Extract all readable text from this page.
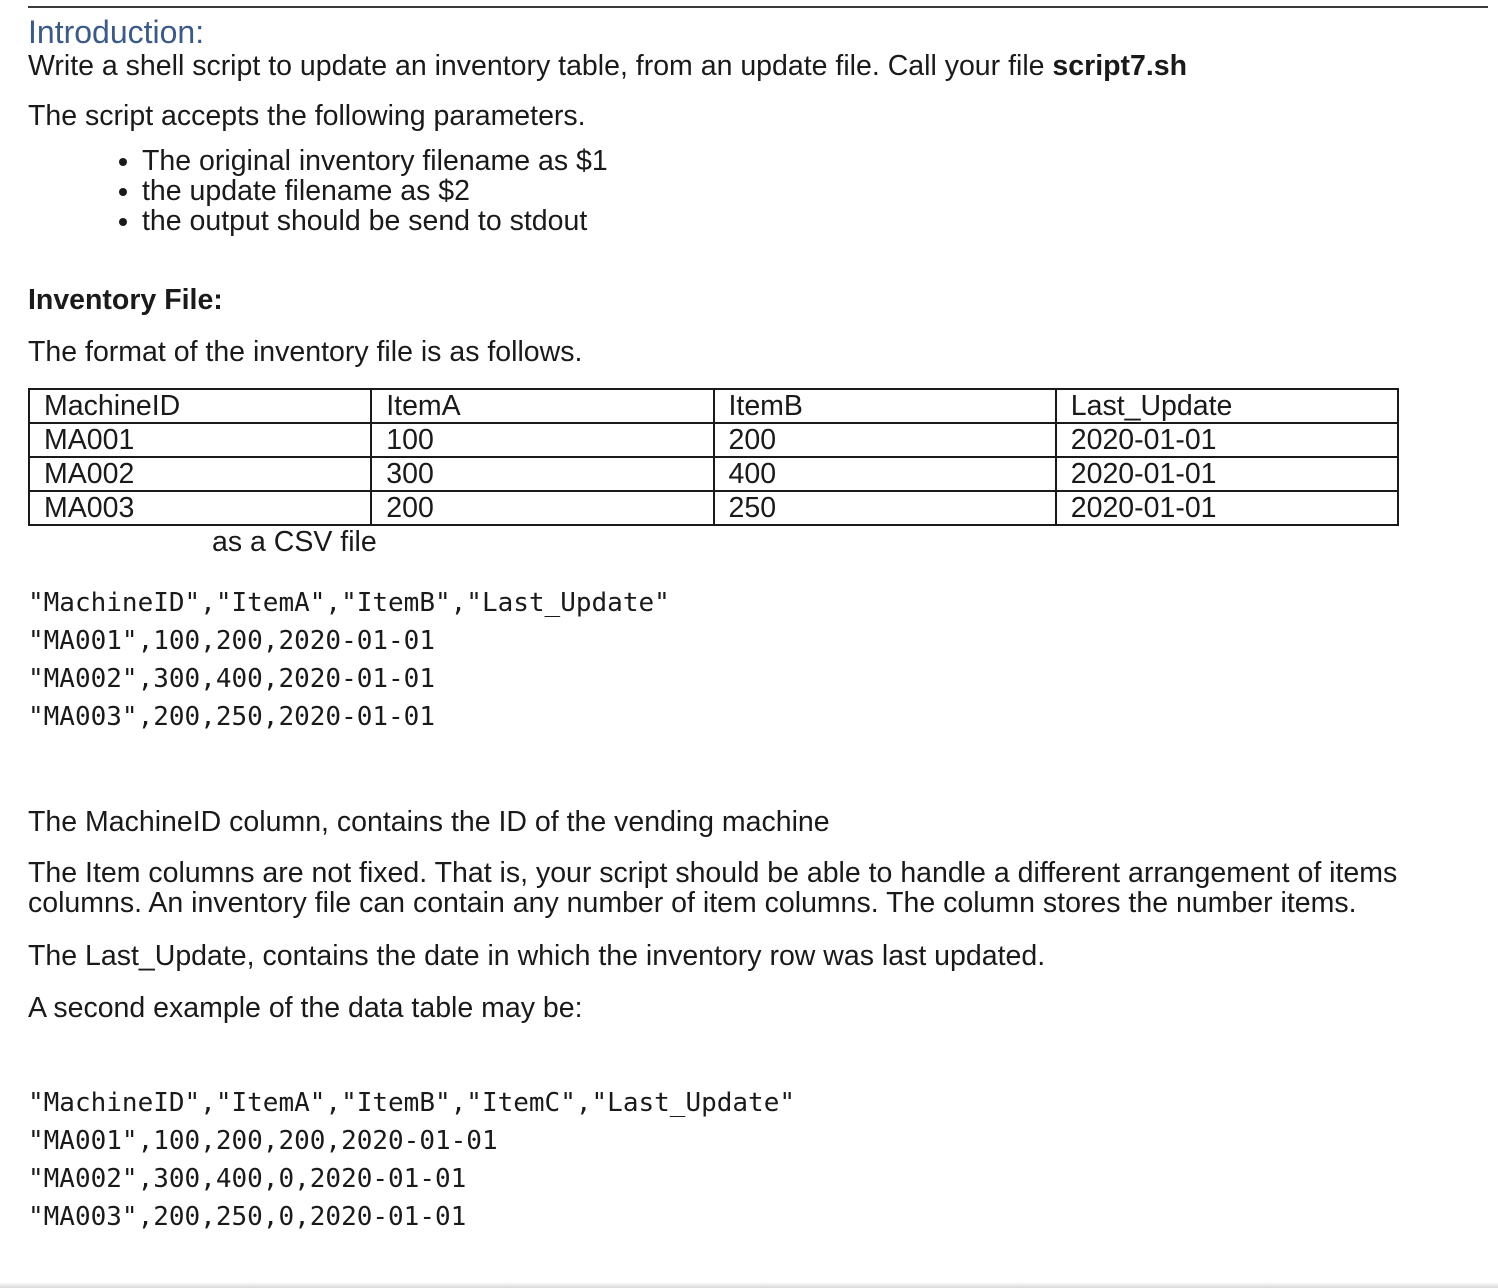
Introduction:

Write a shell script to update an inventory table, from an update file. Call your file script7.sh

The script accepts the following parameters.

• The original inventory filename as $1
• the update filename as $2
• the output should be send to stdout

Inventory File:

The format of the inventory file is as follows.

MachineID	ItemA	ItemB	Last_Update
MA001	100	200	2020-01-01
MA002	300	400	2020-01-01
MA003	200	250	2020-01-01

as a CSV file

"MachineID","ItemA","ItemB","Last_Update"
"MA001",100,200,2020-01-01
"MA002",300,400,2020-01-01
"MA003",200,250,2020-01-01

The MachineID column, contains the ID of the vending machine

The Item columns are not fixed. That is, your script should be able to handle a different arrangement of items columns. An inventory file can contain any number of item columns. The column stores the number items.

The Last_Update, contains the date in which the inventory row was last updated.

A second example of the data table may be:

"MachineID","ItemA","ItemB","ItemC","Last_Update"
"MA001",100,200,200,2020-01-01
"MA002",300,400,0,2020-01-01
"MA003",200,250,0,2020-01-01
